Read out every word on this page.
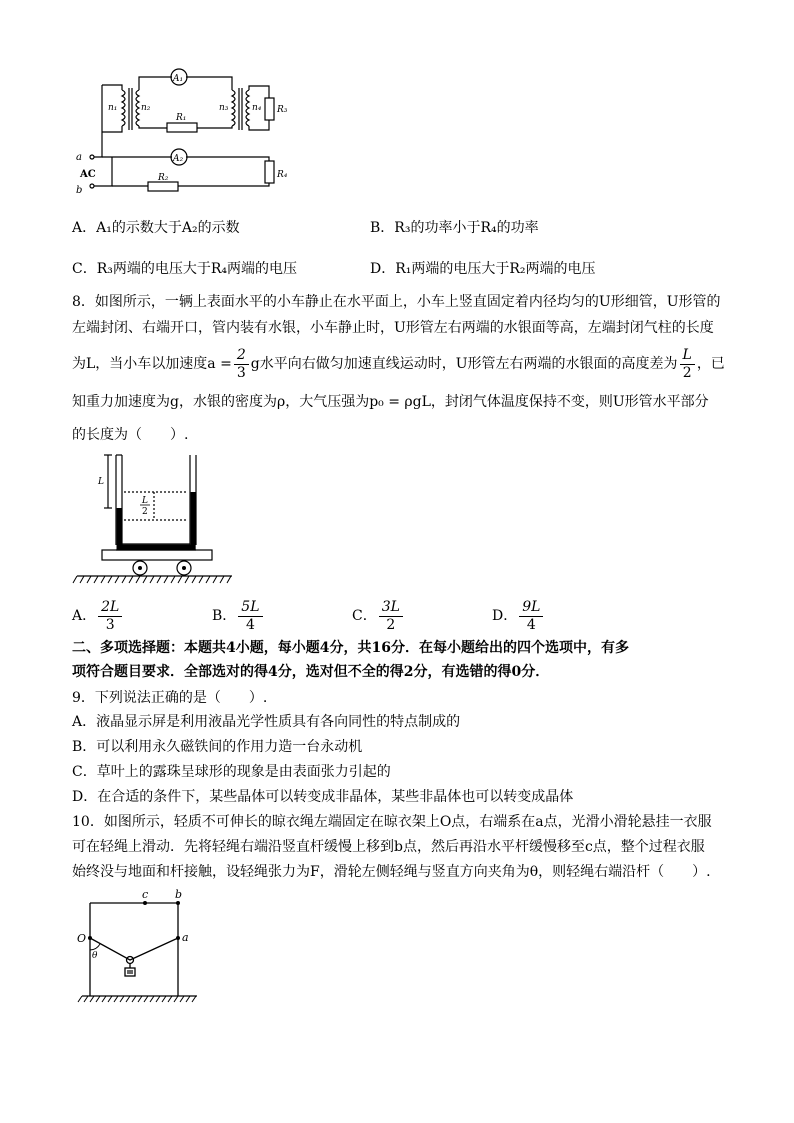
A₁
A₂
n₁	n₂	n₃	n₄
R₁
R₂
R₃
R₄
a
b
AC
A．A₁的示数大于A₂的示数	B．R₃的功率小于R₄的功率
C．R₃两端的电压大于R₄两端的电压	D．R₁两端的电压大于R₂两端的电压
8．如图所示，一辆上表面水平的小车静止在水平面上，小车上竖直固定着内径均匀的U形细管，U形管的
左端封闭、右端开口，管内装有水银，小车静止时，U形管左右两端的水银面等高，左端封闭气柱的长度
为L，当小车以加速度$a = \frac{2}{3}$ g水平向右做匀加速直线运动时，U形管左右两端的水银面的高度差为 $\frac{L}{2}$ ，已
知重力加速度为g，水银的密度为ρ，大气压强为p₀ = ρgL，封闭气体温度保持不变，则U形管水平部分
的长度为（　　）.
L
L
2
A． $\frac{2L}{3}$	B． $\frac{5L}{4}$	C． $\frac{3L}{2}$	D． $\frac{9L}{4}$
二、多项选择题：本题共4小题，每小题4分，共16分．在每小题给出的四个选项中，有多
项符合题目要求．全部选对的得4分，选对但不全的得2分，有选错的得0分．
9．下列说法正确的是（　　）.
A．液晶显示屏是利用液晶光学性质具有各向同性的特点制成的
B．可以利用永久磁铁间的作用力造一台永动机
C．草叶上的露珠呈球形的现象是由表面张力引起的
D．在合适的条件下，某些晶体可以转变成非晶体，某些非晶体也可以转变成晶体
10．如图所示，轻质不可伸长的晾衣绳左端固定在晾衣架上O点，右端系在a点，光滑小滑轮悬挂一衣服
可在轻绳上滑动．先将轻绳右端沿竖直杆缓慢上移到b点，然后再沿水平杆缓慢移至c点，整个过程衣服
始终没与地面和杆接触，设轻绳张力为F，滑轮左侧轻绳与竖直方向夹角为θ，则轻绳右端沿杆（　　）.
O
θ
a
b
c
